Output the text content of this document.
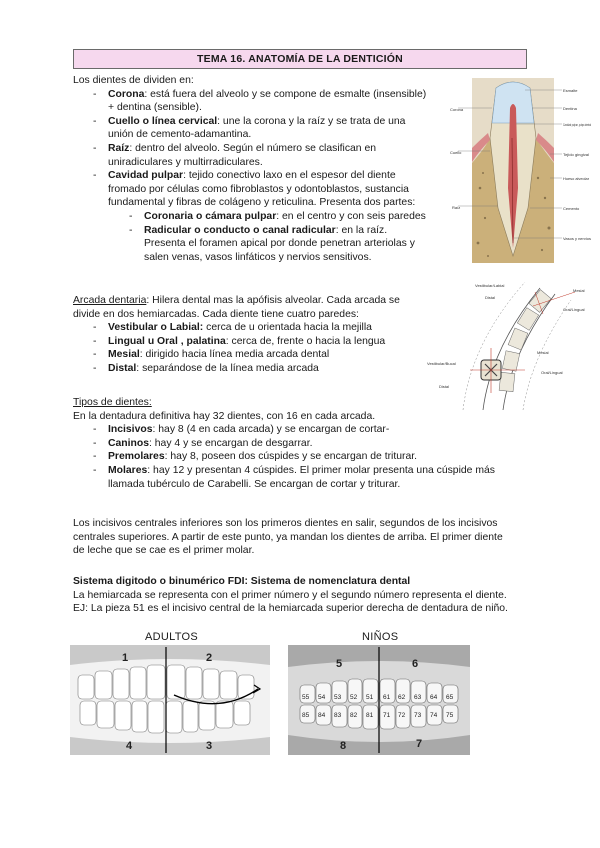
TEMA 16. ANATOMÍA DE LA DENTICIÓN
Los dientes de dividen en:
- Corona: está fuera del alveolo y se compone de esmalte (insensible)
+ dentina (sensible).
- Cuello o línea cervical: une la corona y la raíz y se trata de una
unión de cemento-adamantina.
- Raíz: dentro del alveolo. Según el número se clasifican en
uniradiculares y multirradiculares.
- Cavidad pulpar: tejido conectivo laxo en el espesor del diente
fromado por células como fibroblastos y odontoblastos, sustancia
fundamental y fibras de colágeno y reticulina. Presenta dos partes:
- Coronaria o cámara pulpar: en el centro y con seis paredes
- Radicular o conducto o canal radicular: en la raíz.
Presenta el foramen apical por donde penetran arteriolas y
salen venas, vasos linfáticos y nervios sensitivos.
Arcada dentaria: Hilera dental mas la apófisis alveolar. Cada arcada se
divide en dos hemiarcadas. Cada diente tiene cuatro paredes:
- Vestibular o Labial: cerca de u orientada hacia la mejilla
- Lingual u Oral , palatina: cerca de, frente o hacia la lengua
- Mesial: dirigido hacia línea media arcada dental
- Distal: separándose de la línea media arcada
Tipos de dientes:
En la dentadura definitiva hay 32 dientes, con 16 en cada arcada.
- Incisivos: hay 8 (4 en cada arcada) y se encargan de cortar-
- Caninos: hay 4 y se encargan de desgarrar.
- Premolares: hay 8, poseen dos cúspides y se encargan de triturar.
- Molares: hay 12 y presentan 4 cúspides. El primer molar presenta una cúspide más
llamada tubérculo de Carabelli. Se encargan de cortar y triturar.
Los incisivos centrales inferiores son los primeros dientes en salir, segundos de los incisivos
centrales superiores. A partir de este punto, ya mandan los dientes de arriba. El primer diente
de leche que se cae es el primer molar.
Sistema digitodo o binumérico FDI: Sistema de nomenclatura dental
La hemiarcada se representa con el primer número y el segundo número representa el diente.
EJ: La pieza 51 es el incisivo central de la hemiarcada superior derecha de dentadura de niño.
Corona
Cuello
Raíz
Esmalte
Dentina
Cavidad pulpar, pulpa dental
Tejido gingival
Hueso alveolar
Cemento
Vasos y nervios
Vestibular/Labial
Distal
Mesial
Oral/Lingual
Mesial
Vestibular/Bucal
Oral/Lingual
Distal
ADULTOS	NIÑOS
1	2
3
4
55 54 53 52 51 61 62 63 64 65
85 84 83 82 81 71 72 73 74 75
5	6
7
8
